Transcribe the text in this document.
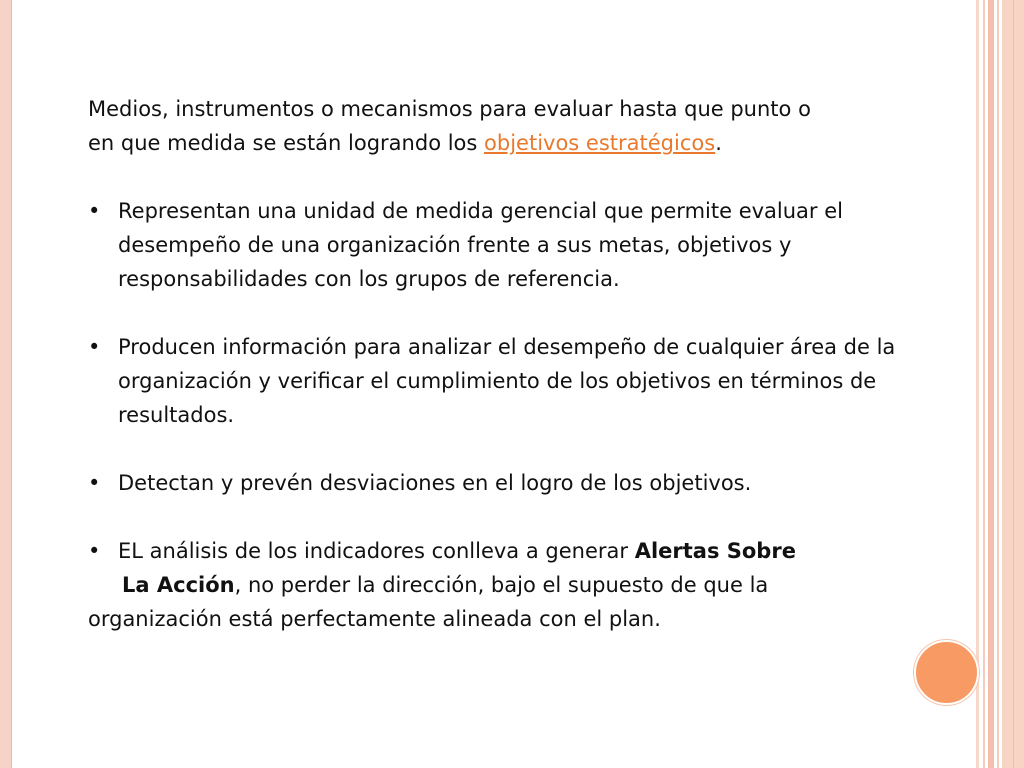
Medios, instrumentos o mecanismos para evaluar hasta que punto o
en que medida se están logrando los objetivos estratégicos.

• Representan una unidad de medida gerencial que permite evaluar el desempeño de una organización frente a sus metas, objetivos y responsabilidades con los grupos de referencia.

• Producen información para analizar el desempeño de cualquier área de la organización y verificar el cumplimiento de los objetivos en términos de resultados.

• Detectan y prevén desviaciones en el logro de los objetivos.

• EL análisis de los indicadores conlleva a generar Alertas Sobre
La Acción, no perder la dirección, bajo el supuesto de que la
organización está perfectamente alineada con el plan.
